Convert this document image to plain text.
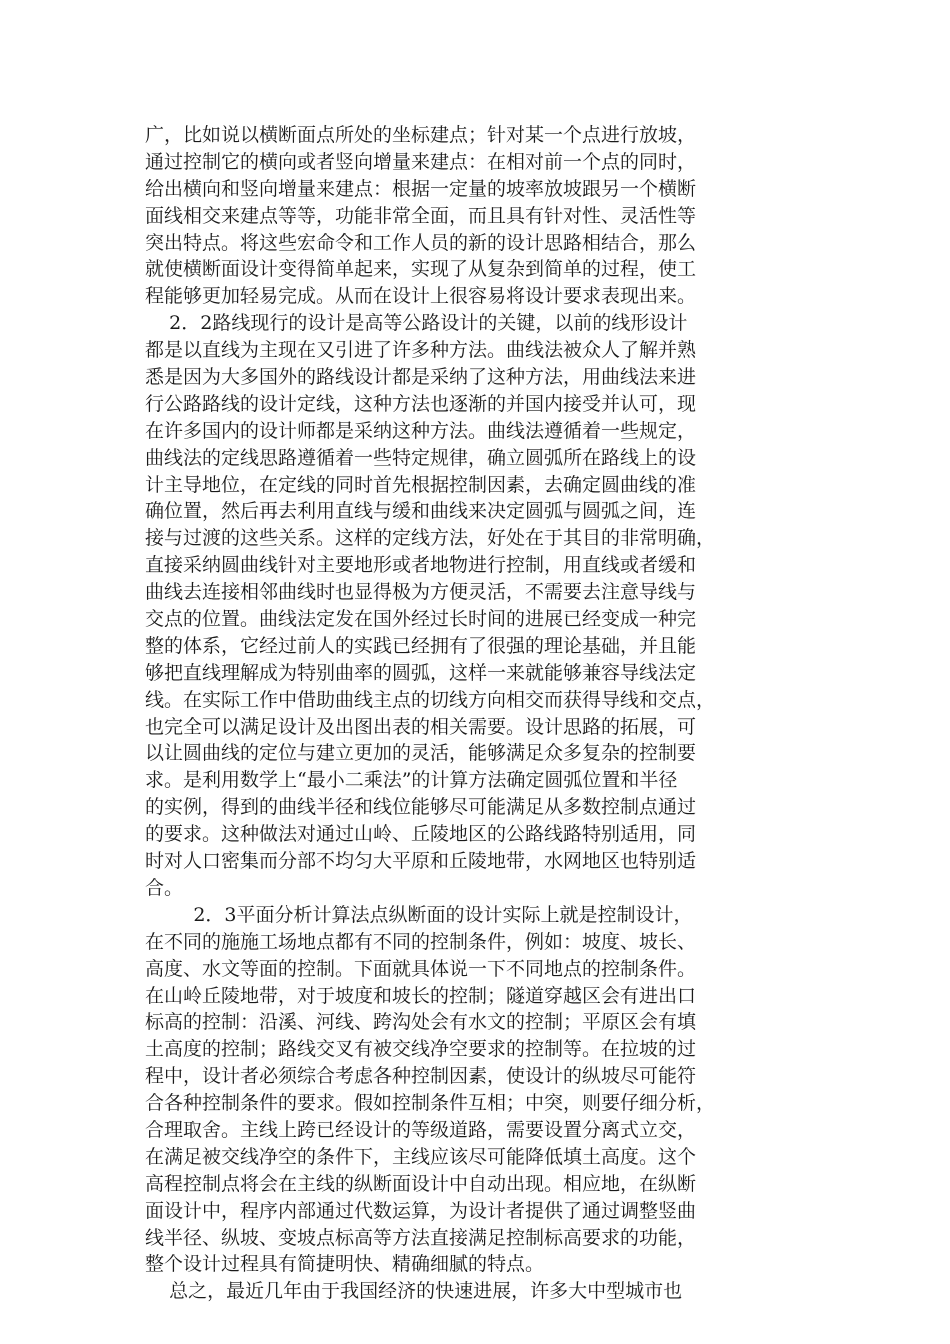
广，比如说以横断面点所处的坐标建点；针对某一个点进行放坡，
通过控制它的横向或者竖向增量来建点：在相对前一个点的同时，
给出横向和竖向增量来建点：根据一定量的坡率放坡跟另一个横断
面线相交来建点等等，功能非常全面，而且具有针对性、灵活性等
突出特点。将这些宏命令和工作人员的新的设计思路相结合，那么
就使横断面设计变得简单起来，实现了从复杂到简单的过程，使工
程能够更加轻易完成。从而在设计上很容易将设计要求表现出来。
2．2路线现行的设计是高等公路设计的关键，以前的线形设计
都是以直线为主现在又引进了许多种方法。曲线法被众人了解并熟
悉是因为大多国外的路线设计都是采纳了这种方法，用曲线法来进
行公路路线的设计定线，这种方法也逐渐的并国内接受并认可，现
在许多国内的设计师都是采纳这种方法。曲线法遵循着一些规定，
曲线法的定线思路遵循着一些特定规律，确立圆弧所在路线上的设
计主导地位，在定线的同时首先根据控制因素，去确定圆曲线的准
确位置，然后再去利用直线与缓和曲线来决定圆弧与圆弧之间，连
接与过渡的这些关系。这样的定线方法，好处在于其目的非常明确，
直接采纳圆曲线针对主要地形或者地物进行控制，用直线或者缓和
曲线去连接相邻曲线时也显得极为方便灵活，不需要去注意导线与
交点的位置。曲线法定发在国外经过长时间的进展已经变成一种完
整的体系，它经过前人的实践已经拥有了很强的理论基础，并且能
够把直线理解成为特别曲率的圆弧，这样一来就能够兼容导线法定
线。在实际工作中借助曲线主点的切线方向相交而获得导线和交点，
也完全可以满足设计及出图出表的相关需要。设计思路的拓展，可
以让圆曲线的定位与建立更加的灵活，能够满足众多复杂的控制要
求。是利用数学上“最小二乘法”的计算方法确定圆弧位置和半径
的实例，得到的曲线半径和线位能够尽可能满足从多数控制点通过
的要求。这种做法对通过山岭、丘陵地区的公路线路特别适用，同
时对人口密集而分部不均匀大平原和丘陵地带，水网地区也特别适
合。
2．3平面分析计算法点纵断面的设计实际上就是控制设计，
在不同的施施工场地点都有不同的控制条件，例如：坡度、坡长、
高度、水文等面的控制。下面就具体说一下不同地点的控制条件。
在山岭丘陵地带，对于坡度和坡长的控制；隧道穿越区会有进出口
标高的控制：沿溪、河线、跨沟处会有水文的控制；平原区会有填
土高度的控制；路线交叉有被交线净空要求的控制等。在拉坡的过
程中，设计者必须综合考虑各种控制因素，使设计的纵坡尽可能符
合各种控制条件的要求。假如控制条件互相；中突，则要仔细分析，
合理取舍。主线上跨已经设计的等级道路，需要设置分离式立交，
在满足被交线净空的条件下，主线应该尽可能降低填土高度。这个
高程控制点将会在主线的纵断面设计中自动出现。相应地，在纵断
面设计中，程序内部通过代数运算，为设计者提供了通过调整竖曲
线半径、纵坡、变坡点标高等方法直接满足控制标高要求的功能，
整个设计过程具有简捷明快、精确细腻的特点。
总之，最近几年由于我国经济的快速进展，许多大中型城市也
